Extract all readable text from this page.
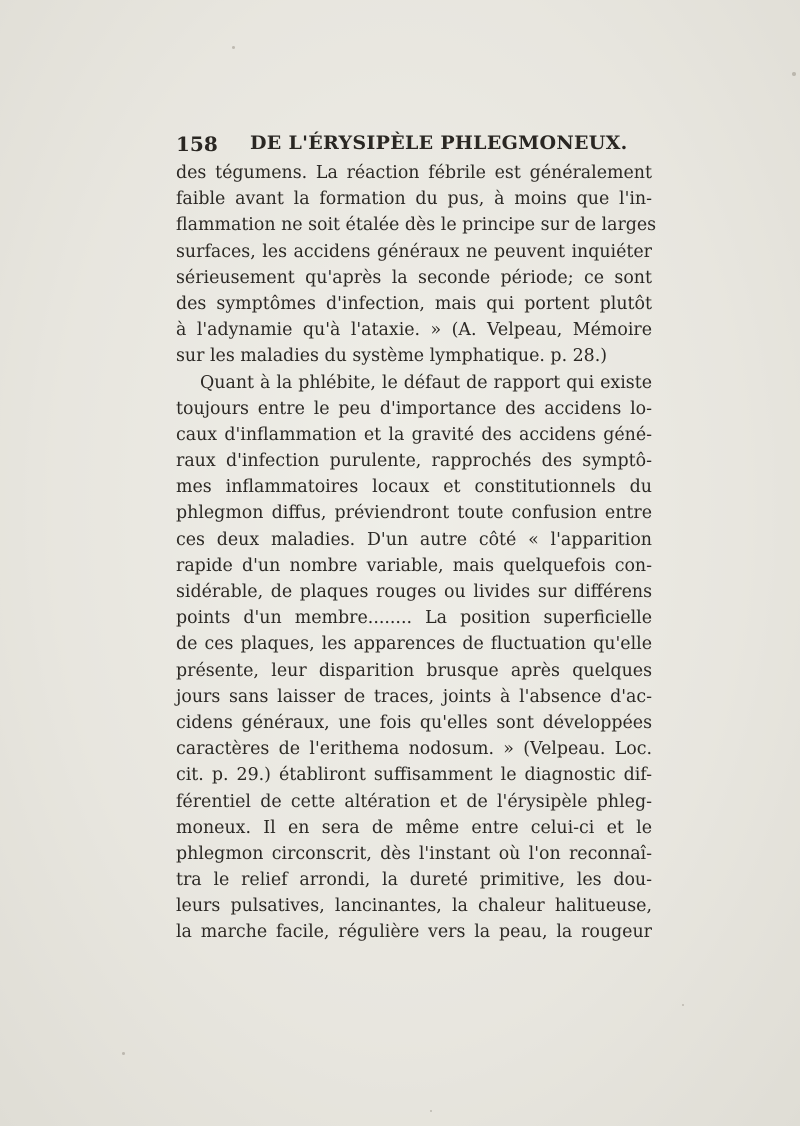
158 DE L'ÉRYSIPÈLE PHLEGMONEUX.
des tégumens. La réaction fébrile est généralement
faible avant la formation du pus, à moins que l'in-
flammation ne soit étalée dès le principe sur de larges
surfaces, les accidens généraux ne peuvent inquiéter
sérieusement qu'après la seconde période; ce sont
des symptômes d'infection, mais qui portent plutôt
à l'adynamie qu'à l'ataxie. » (A. Velpeau, Mémoire
sur les maladies du système lymphatique. p. 28.)
Quant à la phlébite, le défaut de rapport qui existe
toujours entre le peu d'importance des accidens lo-
caux d'inflammation et la gravité des accidens géné-
raux d'infection purulente, rapprochés des symptô-
mes inflammatoires locaux et constitutionnels du
phlegmon diffus, préviendront toute confusion entre
ces deux maladies. D'un autre côté « l'apparition
rapide d'un nombre variable, mais quelquefois con-
sidérable, de plaques rouges ou livides sur différens
points d'un membre........ La position superficielle
de ces plaques, les apparences de fluctuation qu'elle
présente, leur disparition brusque après quelques
jours sans laisser de traces, joints à l'absence d'ac-
cidens généraux, une fois qu'elles sont développées
caractères de l'erithema nodosum. » (Velpeau. Loc.
cit. p. 29.) établiront suffisamment le diagnostic dif-
férentiel de cette altération et de l'érysipèle phleg-
moneux. Il en sera de même entre celui-ci et le
phlegmon circonscrit, dès l'instant où l'on reconnaî-
tra le relief arrondi, la dureté primitive, les dou-
leurs pulsatives, lancinantes, la chaleur halitueuse,
la marche facile, régulière vers la peau, la rougeur
